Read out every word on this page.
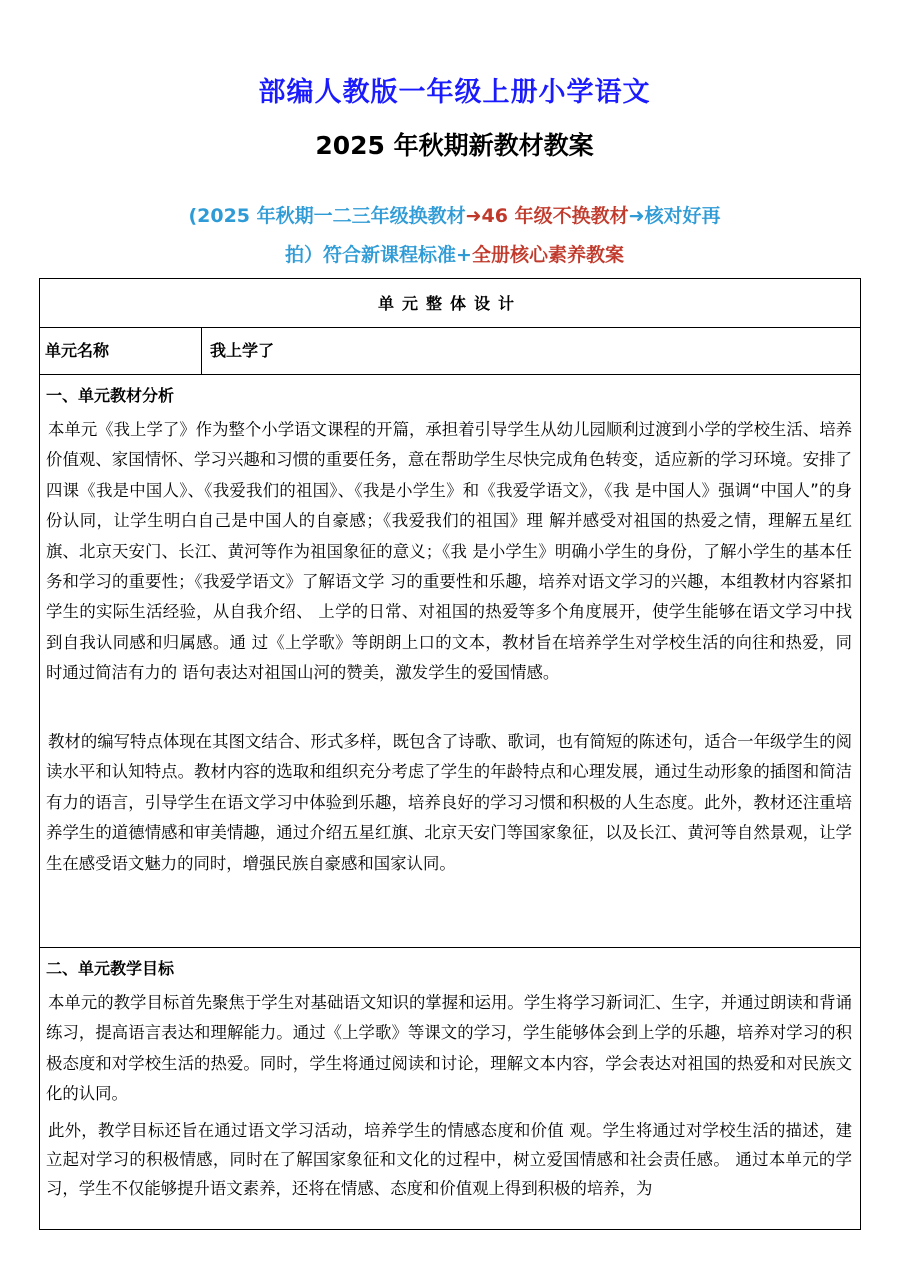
部编人教版一年级上册小学语文
2025 年秋期新教材教案
(2025 年秋期一二三年级换教材➜46 年级不换教材➜核对好再
拍）符合新课程标准+全册核心素养教案
单元整体设计
单元名称	我上学了
一、单元教材分析

本单元《我上学了》作为整个小学语文课程的开篇，承担着引导学生从幼儿园顺利过渡到小学的学校生活、培养价值观、家国情怀、学习兴趣和习惯的重要任务，意在帮助学生尽快完成角色转变，适应新的学习环境。安排了四课《我是中国人》、《我爱我们的祖国》、《我是小学生》和《我爱学语文》，《我 是中国人》强调“中国人”的身份认同，让学生明白自己是中国人的自豪感；《我爱我们的祖国》理 解并感受对祖国的热爱之情，理解五星红旗、北京天安门、长江、黄河等作为祖国象征的意义；《我 是小学生》明确小学生的身份，了解小学生的基本任务和学习的重要性；《我爱学语文》了解语文学 习的重要性和乐趣，培养对语文学习的兴趣，本组教材内容紧扣学生的实际生活经验，从自我介绍、 上学的日常、对祖国的热爱等多个角度展开，使学生能够在语文学习中找到自我认同感和归属感。通 过《上学歌》等朗朗上口的文本，教材旨在培养学生对学校生活的向往和热爱，同时通过简洁有力的 语句表达对祖国山河的赞美，激发学生的爱国情感。

教材的编写特点体现在其图文结合、形式多样，既包含了诗歌、歌词，也有简短的陈述句，适合一年级学生的阅读水平和认知特点。教材内容的选取和组织充分考虑了学生的年龄特点和心理发展，通过生动形象的插图和简洁有力的语言，引导学生在语文学习中体验到乐趣，培养良好的学习习惯和积极的人生态度。此外，教材还注重培养学生的道德情感和审美情趣，通过介绍五星红旗、北京天安门等国家象征，以及长江、黄河等自然景观，让学生在感受语文魅力的同时，增强民族自豪感和国家认同。

二、单元教学目标

本单元的教学目标首先聚焦于学生对基础语文知识的掌握和运用。学生将学习新词汇、生字，并通过朗读和背诵练习，提高语言表达和理解能力。通过《上学歌》等课文的学习，学生能够体会到上学的乐趣，培养对学习的积极态度和对学校生活的热爱。同时，学生将通过阅读和讨论，理解文本内容，学会表达对祖国的热爱和对民族文化的认同。

此外，教学目标还旨在通过语文学习活动，培养学生的情感态度和价值 观。学生将通过对学校生活的描述，建立起对学习的积极情感，同时在了解国家象征和文化的过程中，树立爱国情感和社会责任感。 通过本单元的学习，学生不仅能够提升语文素养，还将在情感、态度和价值观上得到积极的培养，为
